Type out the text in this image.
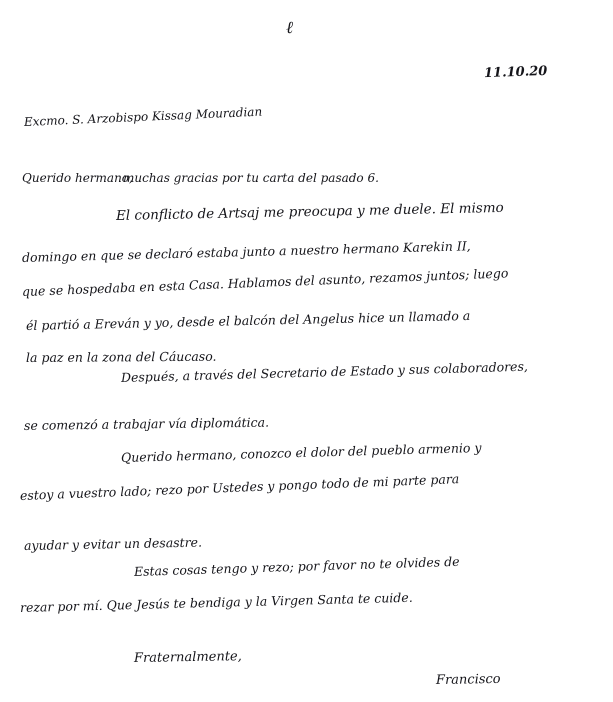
ℓ
11.10.20
Excmo. S. Arzobispo Kissag Mouradian
Querido hermano,
muchas gracias por tu carta del pasado 6.
El conflicto de Artsaj me preocupa y me duele. El mismo
domingo en que se declaró estaba junto a nuestro hermano Karekin II,
que se hospedaba en esta Casa. Hablamos del asunto, rezamos juntos; luego
él partió a Ereván y yo, desde el balcón del Angelus hice un llamado a
la paz en la zona del Cáucaso.
Después, a través del Secretario de Estado y sus colaboradores,
se comenzó a trabajar vía diplomática.
Querido hermano, conozco el dolor del pueblo armenio y
estoy a vuestro lado; rezo por Ustedes y pongo todo de mi parte para
ayudar y evitar un desastre.
Estas cosas tengo y rezo; por favor no te olvides de
rezar por mí. Que Jesús te bendiga y la Virgen Santa te cuide.
Fraternalmente,
Francisco
